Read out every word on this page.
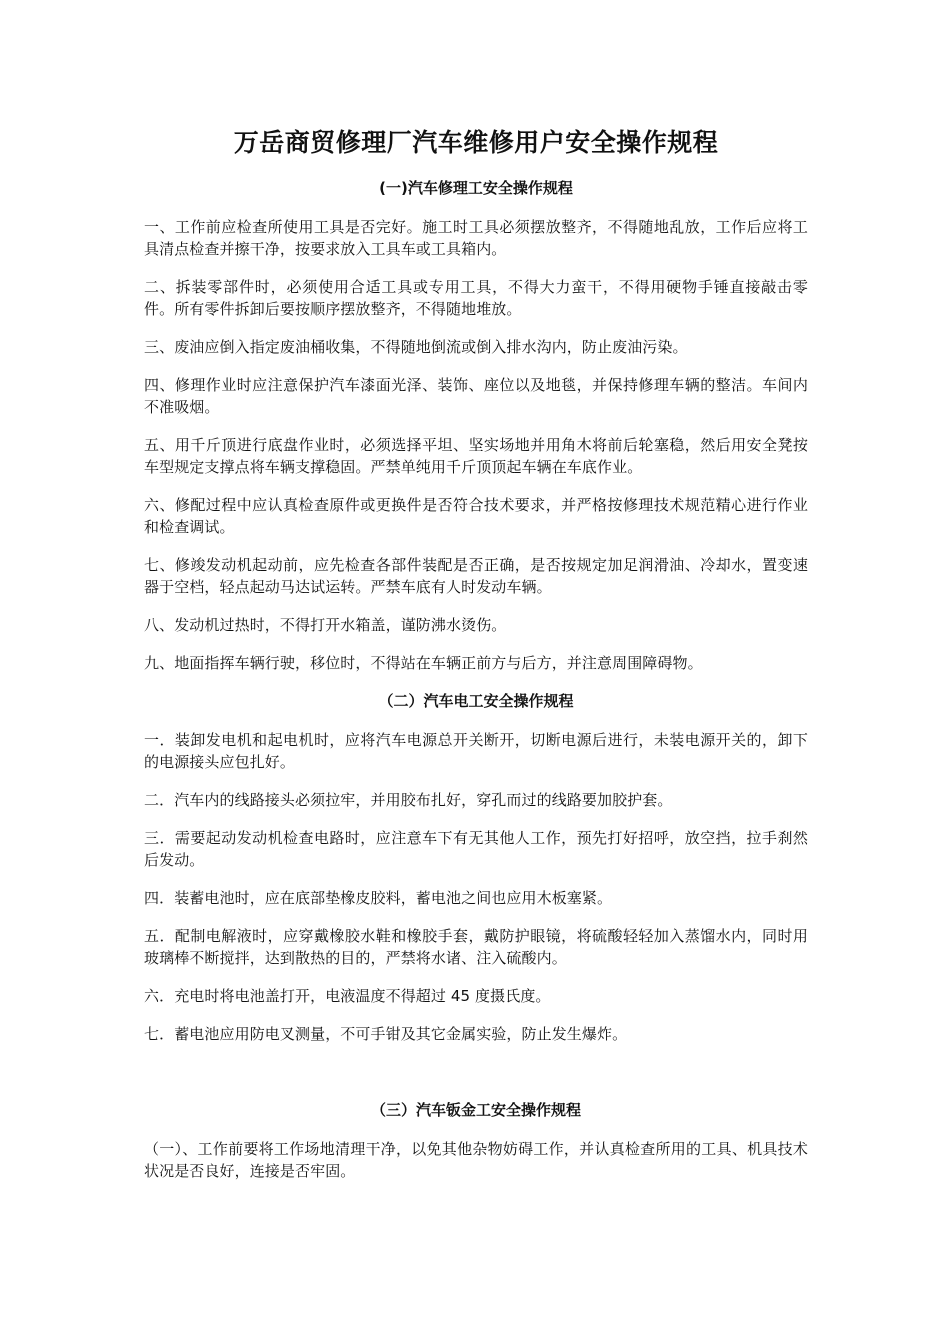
万岳商贸修理厂汽车维修用户安全操作规程
(一)汽车修理工安全操作规程

一、工作前应检查所使用工具是否完好。施工时工具必须摆放整齐，不得随地乱放，工作后应将工具清点检查并擦干净，按要求放入工具车或工具箱内。

二、拆装零部件时，必须使用合适工具或专用工具，不得大力蛮干，不得用硬物手锤直接敲击零件。所有零件拆卸后要按顺序摆放整齐，不得随地堆放。

三、废油应倒入指定废油桶收集，不得随地倒流或倒入排水沟内，防止废油污染。

四、修理作业时应注意保护汽车漆面光泽、装饰、座位以及地毯，并保持修理车辆的整洁。车间内不准吸烟。

五、用千斤顶进行底盘作业时，必须选择平坦、坚实场地并用角木将前后轮塞稳，然后用安全凳按车型规定支撑点将车辆支撑稳固。严禁单纯用千斤顶顶起车辆在车底作业。

六、修配过程中应认真检查原件或更换件是否符合技术要求，并严格按修理技术规范精心进行作业和检查调试。

七、修竣发动机起动前，应先检查各部件装配是否正确，是否按规定加足润滑油、冷却水，置变速器于空档，轻点起动马达试运转。严禁车底有人时发动车辆。

八、发动机过热时，不得打开水箱盖，谨防沸水烫伤。

九、地面指挥车辆行驶，移位时，不得站在车辆正前方与后方，并注意周围障碍物。

（二）汽车电工安全操作规程

一．装卸发电机和起电机时，应将汽车电源总开关断开，切断电源后进行，未装电源开关的，卸下的电源接头应包扎好。

二．汽车内的线路接头必须拉牢，并用胶布扎好，穿孔而过的线路要加胶护套。

三．需要起动发动机检查电路时，应注意车下有无其他人工作，预先打好招呼，放空挡，拉手刹然后发动。

四．装蓄电池时，应在底部垫橡皮胶料，蓄电池之间也应用木板塞紧。

五．配制电解液时，应穿戴橡胶水鞋和橡胶手套，戴防护眼镜，将硫酸轻轻加入蒸馏水内，同时用玻璃棒不断搅拌，达到散热的目的，严禁将水诸、注入硫酸内。

六．充电时将电池盖打开，电液温度不得超过 45 度摄氏度。

七．蓄电池应用防电叉测量，不可手钳及其它金属实验，防止发生爆炸。

（三）汽车钣金工安全操作规程

（一）、工作前要将工作场地清理干净，以免其他杂物妨碍工作，并认真检查所用的工具、机具技术状况是否良好，连接是否牢固。
